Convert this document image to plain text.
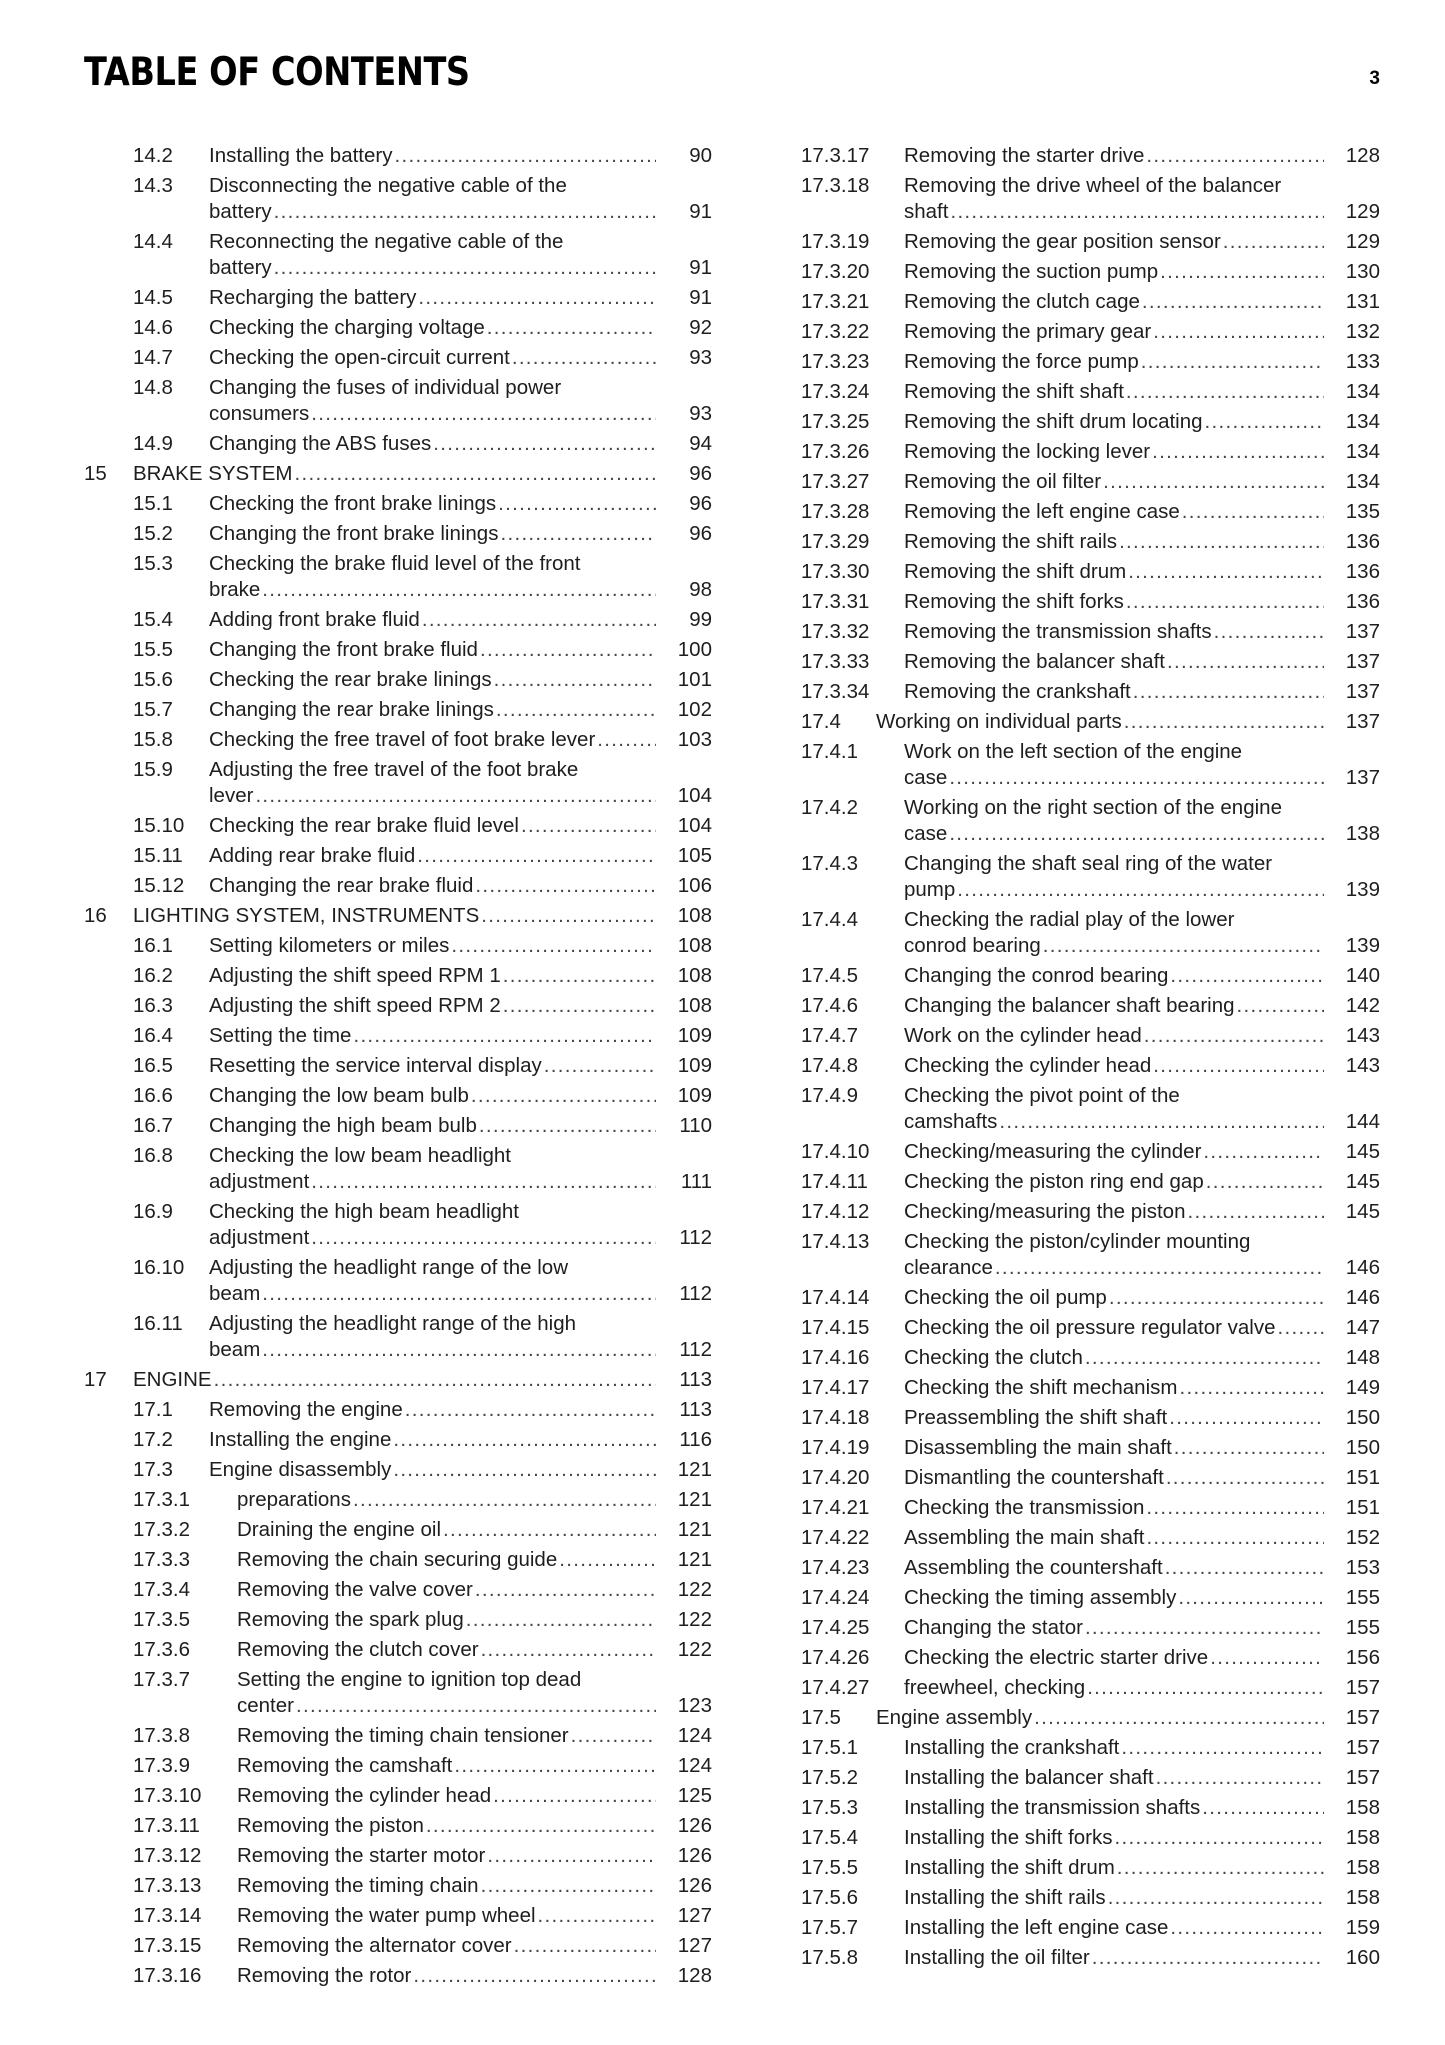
TABLE OF CONTENTS	3
14.2 Installing the battery . . .	90
14.3 Disconnecting the negative cable of the
battery . . .	91
14.4 Reconnecting the negative cable of the
battery . . .	91
14.5 Recharging the battery . . .	91
14.6 Checking the charging voltage . . .	92
14.7 Checking the open-circuit current . . .	93
14.8 Changing the fuses of individual power
consumers . . .	93
14.9 Changing the ABS fuses . . .	94
15 BRAKE SYSTEM . . .	96
15.1 Checking the front brake linings . . .	96
15.2 Changing the front brake linings . . .	96
15.3 Checking the brake fluid level of the front
brake . . .	98
15.4 Adding front brake fluid . . .	99
15.5 Changing the front brake fluid . . .	100
15.6 Checking the rear brake linings . . .	101
15.7 Changing the rear brake linings . . .	102
15.8 Checking the free travel of foot brake lever . . .	103
15.9 Adjusting the free travel of the foot brake
lever . . .	104
15.10 Checking the rear brake fluid level . . .	104
15.11 Adding rear brake fluid . . .	105
15.12 Changing the rear brake fluid . . .	106
16 LIGHTING SYSTEM, INSTRUMENTS . . .	108
16.1 Setting kilometers or miles . . .	108
16.2 Adjusting the shift speed RPM 1 . . .	108
16.3 Adjusting the shift speed RPM 2 . . .	108
16.4 Setting the time . . .	109
16.5 Resetting the service interval display . . .	109
16.6 Changing the low beam bulb . . .	109
16.7 Changing the high beam bulb . . .	110
16.8 Checking the low beam headlight
adjustment . . .	111
16.9 Checking the high beam headlight
adjustment . . .	112
16.10 Adjusting the headlight range of the low
beam . . .	112
16.11 Adjusting the headlight range of the high
beam . . .	112
17 ENGINE . . .	113
17.1 Removing the engine . . .	113
17.2 Installing the engine . . .	116
17.3 Engine disassembly . . .	121
17.3.1 preparations . . .	121
17.3.2 Draining the engine oil . . .	121
17.3.3 Removing the chain securing guide . . .	121
17.3.4 Removing the valve cover . . .	122
17.3.5 Removing the spark plug . . .	122
17.3.6 Removing the clutch cover . . .	122
17.3.7 Setting the engine to ignition top dead
center . . .	123
17.3.8 Removing the timing chain tensioner . . .	124
17.3.9 Removing the camshaft . . .	124
17.3.10 Removing the cylinder head . . .	125
17.3.11 Removing the piston . . .	126
17.3.12 Removing the starter motor . . .	126
17.3.13 Removing the timing chain . . .	126
17.3.14 Removing the water pump wheel . . .	127
17.3.15 Removing the alternator cover . . .	127
17.3.16 Removing the rotor . . .	128
17.3.17 Removing the starter drive . . .	128
17.3.18 Removing the drive wheel of the balancer
shaft . . .	129
17.3.19 Removing the gear position sensor . . .	129
17.3.20 Removing the suction pump . . .	130
17.3.21 Removing the clutch cage . . .	131
17.3.22 Removing the primary gear . . .	132
17.3.23 Removing the force pump . . .	133
17.3.24 Removing the shift shaft . . .	134
17.3.25 Removing the shift drum locating . . .	134
17.3.26 Removing the locking lever . . .	134
17.3.27 Removing the oil filter . . .	134
17.3.28 Removing the left engine case . . .	135
17.3.29 Removing the shift rails . . .	136
17.3.30 Removing the shift drum . . .	136
17.3.31 Removing the shift forks . . .	136
17.3.32 Removing the transmission shafts . . .	137
17.3.33 Removing the balancer shaft . . .	137
17.3.34 Removing the crankshaft . . .	137
17.4 Working on individual parts . . .	137
17.4.1 Work on the left section of the engine
case . . .	137
17.4.2 Working on the right section of the engine
case . . .	138
17.4.3 Changing the shaft seal ring of the water
pump . . .	139
17.4.4 Checking the radial play of the lower
conrod bearing . . .	139
17.4.5 Changing the conrod bearing . . .	140
17.4.6 Changing the balancer shaft bearing . . .	142
17.4.7 Work on the cylinder head . . .	143
17.4.8 Checking the cylinder head . . .	143
17.4.9 Checking the pivot point of the
camshafts . . .	144
17.4.10 Checking/measuring the cylinder . . .	145
17.4.11 Checking the piston ring end gap . . .	145
17.4.12 Checking/measuring the piston . . .	145
17.4.13 Checking the piston/cylinder mounting
clearance . . .	146
17.4.14 Checking the oil pump . . .	146
17.4.15 Checking the oil pressure regulator valve . . .	147
17.4.16 Checking the clutch . . .	148
17.4.17 Checking the shift mechanism . . .	149
17.4.18 Preassembling the shift shaft . . .	150
17.4.19 Disassembling the main shaft . . .	150
17.4.20 Dismantling the countershaft . . .	151
17.4.21 Checking the transmission . . .	151
17.4.22 Assembling the main shaft . . .	152
17.4.23 Assembling the countershaft . . .	153
17.4.24 Checking the timing assembly . . .	155
17.4.25 Changing the stator . . .	155
17.4.26 Checking the electric starter drive . . .	156
17.4.27 freewheel, checking . . .	157
17.5 Engine assembly . . .	157
17.5.1 Installing the crankshaft . . .	157
17.5.2 Installing the balancer shaft . . .	157
17.5.3 Installing the transmission shafts . . .	158
17.5.4 Installing the shift forks . . .	158
17.5.5 Installing the shift drum . . .	158
17.5.6 Installing the shift rails . . .	158
17.5.7 Installing the left engine case . . .	159
17.5.8 Installing the oil filter . . .	160
